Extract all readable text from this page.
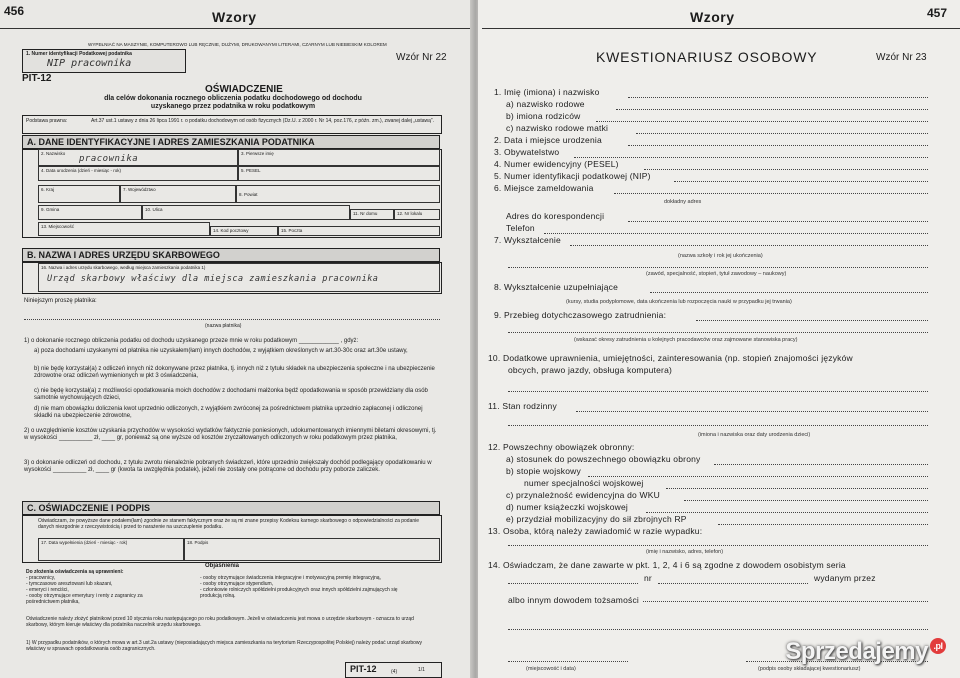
456	Wzory
WYPEŁNIAĆ NA MASZYNIE, KOMPUTEROWO LUB RĘCZNIE, DUŻYMI, DRUKOWANYMI LITERAMI, CZARNYM LUB NIEBIESKIM KOLOREM
Wzór Nr 22
1. Numer identyfikacji Podatkowej podatnika
NIP pracownika
PIT-12
OŚWIADCZENIE
dla celów dokonania rocznego obliczenia podatku dochodowego od dochodu uzyskanego przez podatnika w roku podatkowym
Podstawa prawna:	Art.37 ust.1 ustawy z dnia 26 lipca 1991 r. o podatku dochodowym od osób fizycznych (Dz.U. z 2000 r. Nr 14, poz.176, z późn. zm.), zwanej dalej „ustawą”.
A. DANE IDENTYFIKACYJNE I ADRES ZAMIESZKANIA PODATNIKA
2. Nazwisko
pracownika
3. Pierwsze imię
4. Data urodzenia (dzień - miesiąc - rok)	5. PESEL
6. Kraj	7. Województwo
8. Powiat
9. Gmina	10. Ulica
11. Nr domu	12. Nr lokalu
13. Miejscowość
14. Kod pocztowy	15. Poczta
B. NAZWA I ADRES URZĘDU SKARBOWEGO
16. Nazwa i adres urzędu skarbowego, według miejsca zamieszkania podatnika 1)
Urząd skarbowy właściwy dla miejsca zamieszkania pracownika
Niniejszym proszę płatnika:
(nazwa płatnika)
1) o dokonanie rocznego obliczenia podatku od dochodu uzyskanego przeze mnie w roku podatkowym ____________ , gdyż:
a) poza dochodami uzyskanymi od płatnika nie uzyskałem(łam) innych dochodów, z wyjątkiem określonych w art.30-30c oraz art.30e ustawy,
b) nie będę korzystał(a) z odliczeń innych niż dokonywane przez płatnika, tj. innych niż z tytułu składek na ubezpieczenia społeczne i na ubezpieczenie zdrowotne oraz odliczeń wymienionych w pkt 3 oświadczenia,
c) nie będę korzystał(a) z możliwości opodatkowania moich dochodów z dochodami małżonka będź opodatkowania w sposób przewidziany dla osób samotnie wychowujących dzieci,
d) nie mam obowiązku doliczenia kwot uprzednio odliczonych, z wyjątkiem zwróconej za pośrednictwem płatnika uprzednio zapłaconej i odliczonej składki na ubezpieczenie zdrowotne,
2) o uwzględnienie kosztów uzyskania przychodów w wysokości wydatków faktycznie poniesionych, udokumentowanych imiennymi biletami okresowymi, tj. w wysokości __________ zł, ____ gr, ponieważ są one wyższe od kosztów zryczałtowanych odliczonych w roku podatkowym przez płatnika,
3) o dokonanie odliczeń od dochodu, z tytułu zwrotu nienależnie pobranych świadczeń, które uprzednio zwiększały dochód podlegający opodatkowaniu w wysokości __________ zł, ____ gr (kwota ta uwzględnia podatek), jeżeli nie zostały one potrącone od dochodu przy poborze zaliczek.
C. OŚWIADCZENIE I PODPIS
Oświadczam, że powyższe dane podałem(łam) zgodnie ze stanem faktycznym oraz że są mi znane przepisy Kodeksu karnego skarbowego o odpowiedzialności za podanie danych niezgodnie z rzeczywistością i przed to narażenie na uszczuplenie podatku.
17. Data wypełnienia (dzień - miesiąc - rok)	18. Podpis
Objaśnienia
Do złożenia oświadczenia są uprawnieni:
- pracownicy,
- tymczasowo aresztowani lub skazani,
- emeryci i renciści,
- osoby otrzymujące emerytury i renty z zagranicy za pośrednictwem płatnika,
- osoby otrzymujące świadczenia integracyjne i motywacyjną premię integracyjną,
- osoby otrzymujące stypendium,
- członkowie rolniczych spółdzielni produkcyjnych oraz innych spółdzielni zajmujących się produkcją rolną.
Oświadczenie należy złożyć płatnikowi przed 10 stycznia roku następującego po roku podatkowym. Jeżeli w oświadczeniu jest mowa o urzędzie skarbowym - oznacza to urząd skarbowy, którym kieruje właściwy dla podatnika naczelnik urzędu skarbowego.
1) W przypadku podatników, o których mowa w art.3 ust.2a ustawy (nieposiadających miejsca zamieszkania na terytorium Rzeczypospolitej Polskiej) należy podać urząd skarbowy właściwy w sprawach opodatkowania osób zagranicznych.
PIT-12	(4)	1/1
Wzory	457
KWESTIONARIUSZ OSOBOWY	Wzór Nr 23
1. Imię (imiona) i nazwisko
a) nazwisko rodowe
b) imiona rodziców
c) nazwisko rodowe matki
2. Data i miejsce urodzenia
3. Obywatelstwo
4. Numer ewidencyjny (PESEL)
5. Numer identyfikacji podatkowej (NIP)
6. Miejsce zameldowania
dokładny adres
Adres do korespondencji
Telefon
7. Wykształcenie
(nazwa szkoły i rok jej ukończenia)
(zawód, specjalność, stopień, tytuł zawodowy – naukowy)
8. Wykształcenie uzupełniające
(kursy, studia podyplomowe, data ukończenia lub rozpoczęcia nauki w przypadku jej trwania)
9. Przebieg dotychczasowego zatrudnienia:
(wskazać okresy zatrudnienia u kolejnych pracodawców oraz zajmowane stanowiska pracy)
10. Dodatkowe uprawnienia, umiejętności, zainteresowania (np. stopień znajomości języków
obcych, prawo jazdy, obsługa komputera)
11. Stan rodzinny
(imiona i nazwiska oraz daty urodzenia dzieci)
12. Powszechny obowiązek obronny:
a) stosunek do powszechnego obowiązku obrony
b) stopie wojskowy
numer specjalności wojskowej
c) przynależność ewidencyjna do WKU
d) numer książeczki wojskowej
e) przydział mobilizacyjny do sił zbrojnych RP
13. Osoba, którą należy zawiadomić w razie wypadku:
(imię i nazwisko, adres, telefon)
14. Oświadczam, że dane zawarte w pkt. 1, 2, 4 i 6 są zgodne z dowodem osobistym seria
nr	wydanym przez
albo innym dowodem tożsamości
(miejscowość i data)	(podpis osoby składającej kwestionariusz)
Sprzedajemy .pl
